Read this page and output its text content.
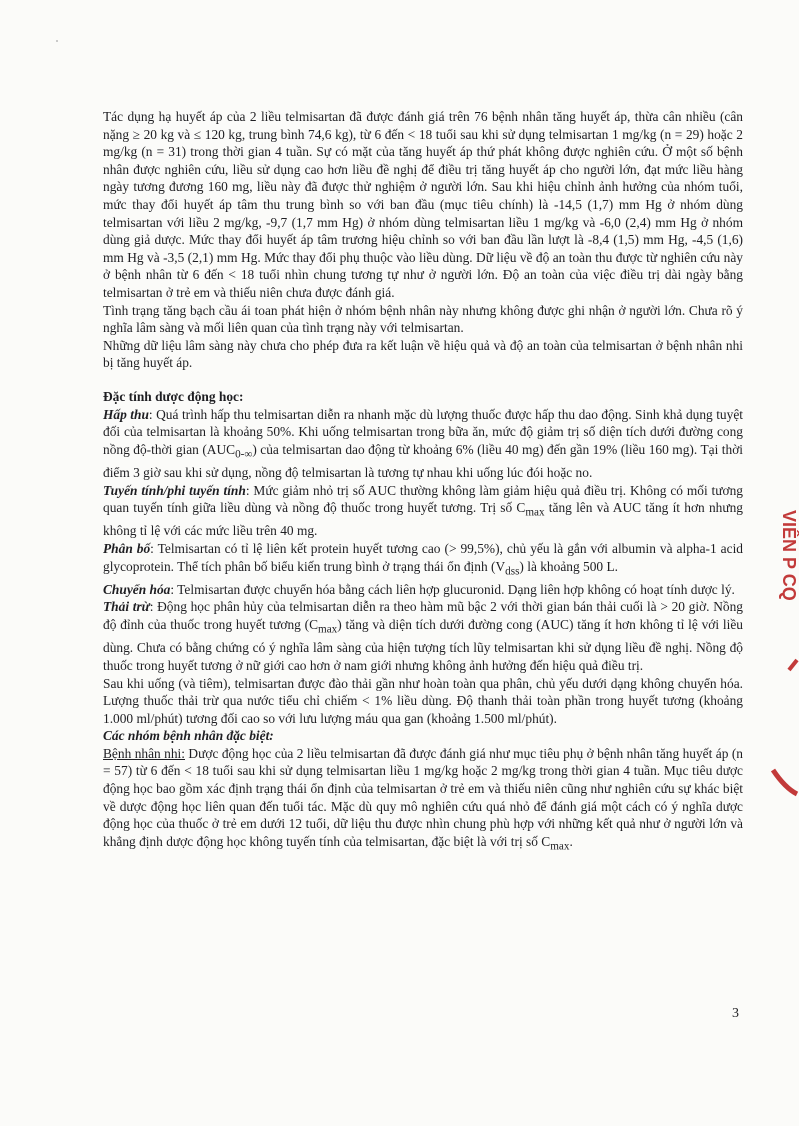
Tác dụng hạ huyết áp của 2 liều telmisartan đã được đánh giá trên 76 bệnh nhân tăng huyết áp, thừa cân nhiều (cân nặng ≥ 20 kg và ≤ 120 kg, trung bình 74,6 kg), từ 6 đến < 18 tuổi sau khi sử dụng telmisartan 1 mg/kg (n = 29) hoặc 2 mg/kg (n = 31) trong thời gian 4 tuần. Sự có mặt của tăng huyết áp thứ phát không được nghiên cứu. Ở một số bệnh nhân được nghiên cứu, liều sử dụng cao hơn liều đề nghị để điều trị tăng huyết áp cho người lớn, đạt mức liều hàng ngày tương đương 160 mg, liều này đã được thử nghiệm ở người lớn. Sau khi hiệu chỉnh ảnh hưởng của nhóm tuổi, mức thay đổi huyết áp tâm thu trung bình so với ban đầu (mục tiêu chính) là -14,5 (1,7) mm Hg ở nhóm dùng telmisartan với liều 2 mg/kg, -9,7 (1,7 mm Hg) ở nhóm dùng telmisartan liều 1 mg/kg và -6,0 (2,4) mm Hg ở nhóm dùng giả dược. Mức thay đổi huyết áp tâm trương hiệu chỉnh so với ban đầu lần lượt là -8,4 (1,5) mm Hg, -4,5 (1,6) mm Hg và -3,5 (2,1) mm Hg. Mức thay đổi phụ thuộc vào liều dùng. Dữ liệu về độ an toàn thu được từ nghiên cứu này ở bệnh nhân từ 6 đến < 18 tuổi nhìn chung tương tự như ở người lớn. Độ an toàn của việc điều trị dài ngày bằng telmisartan ở trẻ em và thiếu niên chưa được đánh giá.

Tình trạng tăng bạch cầu ái toan phát hiện ở nhóm bệnh nhân này nhưng không được ghi nhận ở người lớn. Chưa rõ ý nghĩa lâm sàng và mối liên quan của tình trạng này với telmisartan.

Những dữ liệu lâm sàng này chưa cho phép đưa ra kết luận về hiệu quả và độ an toàn của telmisartan ở bệnh nhân nhi bị tăng huyết áp.

Đặc tính dược động học:

Hấp thu: Quá trình hấp thu telmisartan diễn ra nhanh mặc dù lượng thuốc được hấp thu dao động. Sinh khả dụng tuyệt đối của telmisartan là khoảng 50%. Khi uống telmisartan trong bữa ăn, mức độ giảm trị số diện tích dưới đường cong nồng độ-thời gian $(AUC_{0-\infty})$ của telmisartan dao động từ khoảng 6% (liều 40 mg) đến gần 19% (liều 160 mg). Tại thời điểm 3 giờ sau khi sử dụng, nồng độ telmisartan là tương tự nhau khi uống lúc đói hoặc no.

Tuyến tính/phi tuyến tính: Mức giảm nhỏ trị số AUC thường không làm giảm hiệu quả điều trị. Không có mối tương quan tuyến tính giữa liều dùng và nồng độ thuốc trong huyết tương. Trị số $C_{max}$ tăng lên và AUC tăng ít hơn nhưng không tỉ lệ với các mức liều trên 40 mg.

Phân bố: Telmisartan có tỉ lệ liên kết protein huyết tương cao (> 99,5%), chủ yếu là gắn với albumin và alpha-1 acid glycoprotein. Thể tích phân bố biểu kiến trung bình ở trạng thái ổn định $(V_{dss})$ là khoảng 500 L.

Chuyển hóa: Telmisartan được chuyển hóa bằng cách liên hợp glucuronid. Dạng liên hợp không có hoạt tính dược lý.

Thải trừ: Động học phân hủy của telmisartan diễn ra theo hàm mũ bậc 2 với thời gian bán thải cuối là > 20 giờ. Nồng độ đỉnh của thuốc trong huyết tương $(C_{max})$ tăng và diện tích dưới đường cong (AUC) tăng ít hơn không tỉ lệ với liều dùng. Chưa có bằng chứng có ý nghĩa lâm sàng của hiện tượng tích lũy telmisartan khi sử dụng liều đề nghị. Nồng độ thuốc trong huyết tương ở nữ giới cao hơn ở nam giới nhưng không ảnh hưởng đến hiệu quả điều trị.

Sau khi uống (và tiêm), telmisartan được đào thải gần như hoàn toàn qua phân, chủ yếu dưới dạng không chuyển hóa. Lượng thuốc thải trừ qua nước tiểu chỉ chiếm < 1% liều dùng. Độ thanh thải toàn phần trong huyết tương (khoảng 1.000 ml/phút) tương đối cao so với lưu lượng máu qua gan (khoảng 1.500 ml/phút).

Các nhóm bệnh nhân đặc biệt:

Bệnh nhân nhi: Dược động học của 2 liều telmisartan đã được đánh giá như mục tiêu phụ ở bệnh nhân tăng huyết áp (n = 57) từ 6 đến < 18 tuổi sau khi sử dụng telmisartan liều 1 mg/kg hoặc 2 mg/kg trong thời gian 4 tuần. Mục tiêu dược động học bao gồm xác định trạng thái ổn định của telmisartan ở trẻ em và thiếu niên cũng như nghiên cứu sự khác biệt về dược động học liên quan đến tuổi tác. Mặc dù quy mô nghiên cứu quá nhỏ để đánh giá một cách có ý nghĩa dược động học của thuốc ở trẻ em dưới 12 tuổi, dữ liệu thu được nhìn chung phù hợp với những kết quả như ở người lớn và khẳng định dược động học không tuyến tính của telmisartan, đặc biệt là với trị số $C_{max}$.

VIÊN P CQ
3
